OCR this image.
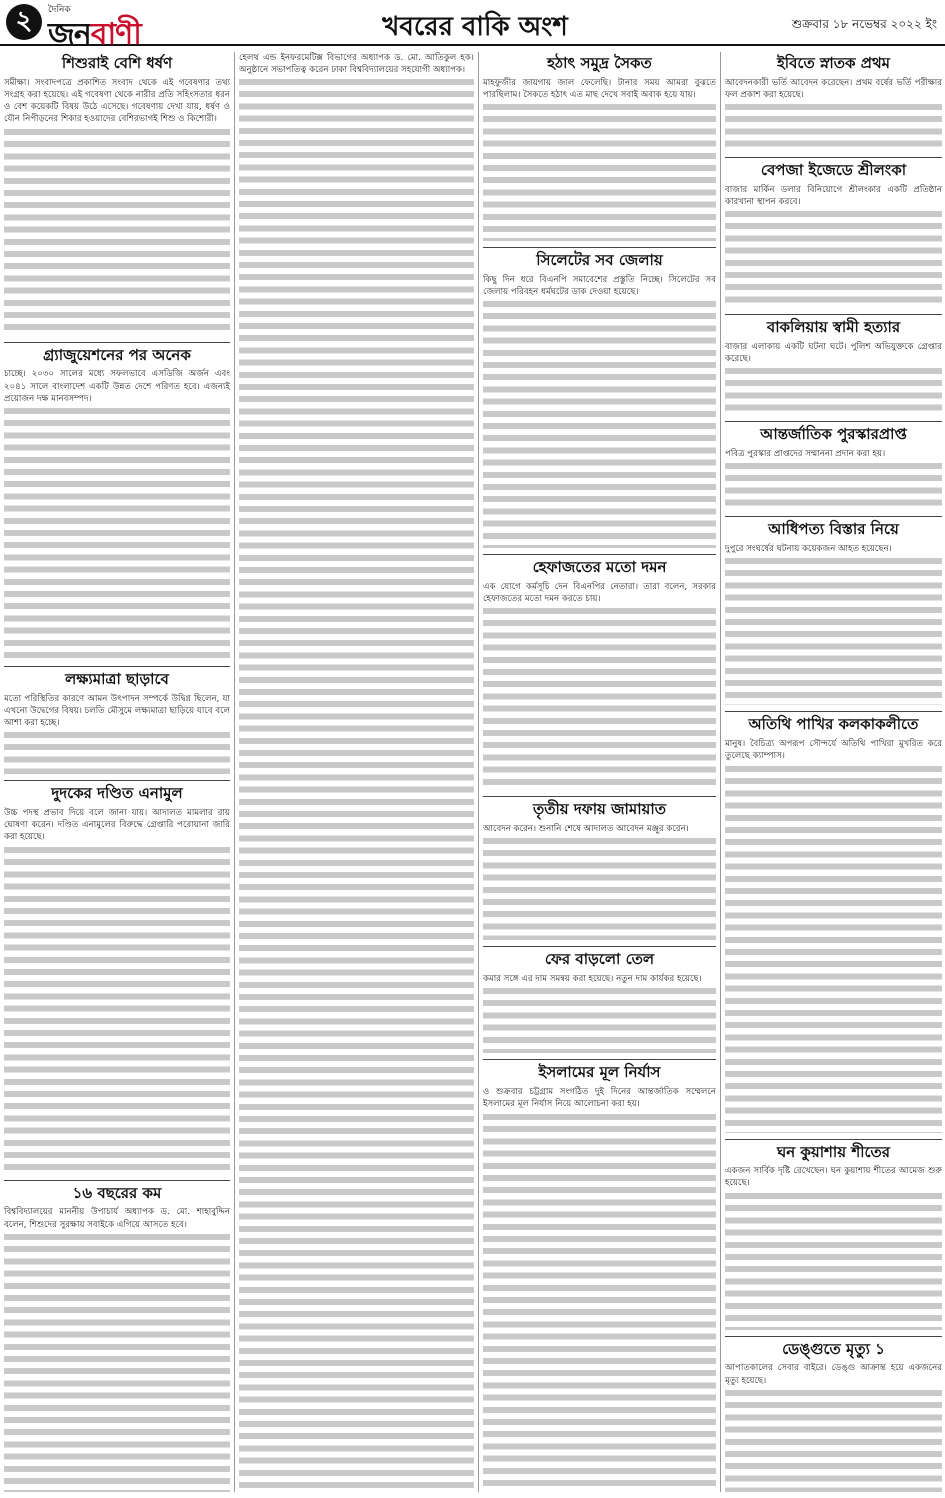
২	দৈনিক
জনবাণী	খবরের বাকি অংশ	শুক্রবার ১৮ নভেম্বর ২০২২ ইং
শিশুরাই বেশি ধর্ষণ

সমীক্ষা। সংবাদপত্রে প্রকাশিত সংবাদ থেকে এই গবেষণার তথ্য সংগ্রহ করা হয়েছে। এই গবেষণা থেকে নারীর প্রতি সহিংসতার ধরন ও বেশ কয়েকটি বিষয় উঠে এসেছে। গবেষণায় দেখা যায়, ধর্ষণ ও যৌন নিপীড়নের শিকার হওয়াদের বেশিরভাগই শিশু ও কিশোরী।

গ্র্যাজুয়েশনের পর অনেক

চাচ্ছে। ২০৩০ সালের মধ্যে সফলভাবে এসডিজি অর্জন এবং ২০৪১ সালে বাংলাদেশ একটি উন্নত দেশে পরিণত হবে। এজন্যই প্রয়োজন দক্ষ মানবসম্পদ।

লক্ষ্যমাত্রা ছাড়াবে

মতো পরিস্থিতির কারণে আমন উৎপাদন সম্পর্কে উদ্বিগ্ন ছিলেন, যা এখনো উদ্বেগের বিষয়। চলতি মৌসুমে লক্ষ্যমাত্রা ছাড়িয়ে যাবে বলে আশা করা হচ্ছে।

দুদকের দণ্ডিত এনামুল

উচ্চ পদস্থ প্রভাব দিয়ে বলে জানা যায়। আদালত মামলার রায় ঘোষণা করেন। দণ্ডিত এনামুলের বিরুদ্ধে গ্রেপ্তারি পরোয়ানা জারি করা হয়েছে।

১৬ বছরের কম

বিশ্ববিদ্যালয়ের মাননীয় উপাচার্য অধ্যাপক ড. মো. শাহাবুদ্দিন বলেন, শিশুদের সুরক্ষায় সবাইকে এগিয়ে আসতে হবে।

হেলথ এন্ড ইনফরমেটিক্স বিভাগের অধ্যাপক ড. মো. আতিকুল হক। অনুষ্ঠানে সভাপতিত্ব করেন ঢাকা বিশ্ববিদ্যালয়ের সহযোগী অধ্যাপক।	হঠাৎ সমুদ্র সৈকত

মাহফুজীর জায়গায় জাল ফেলেছি। টানার সময় আমরা বুঝতে পারছিলাম। সৈকতে হঠাৎ এত মাছ দেখে সবাই অবাক হয়ে যায়।

সিলেটের সব জেলায়

কিছু দিন ধরে বিএনপি সমাবেশের প্রস্তুতি নিচ্ছে। সিলেটের সব জেলায় পরিবহন ধর্মঘটের ডাক দেওয়া হয়েছে।

হেফাজতের মতো দমন

এক যোগে কর্মসূচি দেন বিএনপির নেতারা। তারা বলেন, সরকার হেফাজতের মতো দমন করতে চায়।

তৃতীয় দফায় জামায়াত

আবেদন করেন। শুনানি শেষে আদালত আবেদন মঞ্জুর করেন।

ফের বাড়লো তেল

কমার সঙ্গে এর দাম সমন্বয় করা হয়েছে। নতুন দাম কার্যকর হয়েছে।

ইসলামের মূল নির্যাস

ও শুক্রবার চট্টগ্রাম সংগঠিত দুই দিনের আন্তর্জাতিক সম্মেলনে ইসলামের মূল নির্যাস নিয়ে আলোচনা করা হয়।

ইবিতে স্নাতক প্রথম

আবেদনকারী ভর্তি আবেদন করেছেন। প্রথম বর্ষের ভর্তি পরীক্ষার ফল প্রকাশ করা হয়েছে।

বেপজা ইজেডে শ্রীলংকা

বাজার মার্কিন ডলার বিনিয়োগে শ্রীলংকার একটি প্রতিষ্ঠান কারখানা স্থাপন করবে।

বাকলিয়ায় স্বামী হত্যার

বাজার এলাকায় একটি ঘটনা ঘটে। পুলিশ অভিযুক্তকে গ্রেপ্তার করেছে।

আন্তর্জাতিক পুরস্কারপ্রাপ্ত

পবিত্র পুরস্কার প্রাপ্তদের সম্মাননা প্রদান করা হয়।

আধিপত্য বিস্তার নিয়ে

দুপুরে সংঘর্ষের ঘটনায় কয়েকজন আহত হয়েছেন।

অতিথি পাখির কলকাকলীতে

মানুষ। বৈচিত্র্য অপরূপ সৌন্দর্যে অতিথি পাখিরা মুখরিত করে তুলেছে ক্যাম্পাস।

ঘন কুয়াশায় শীতের

একজন সার্বিক দৃষ্টি রেখেছেন। ঘন কুয়াশায় শীতের আমেজ শুরু হয়েছে।

ডেঙ্গুতে মৃত্যু ১

আপাতকালের সেবার বাইরে। ডেঙ্গু আক্রান্ত হয়ে একজনের মৃত্যু হয়েছে।
